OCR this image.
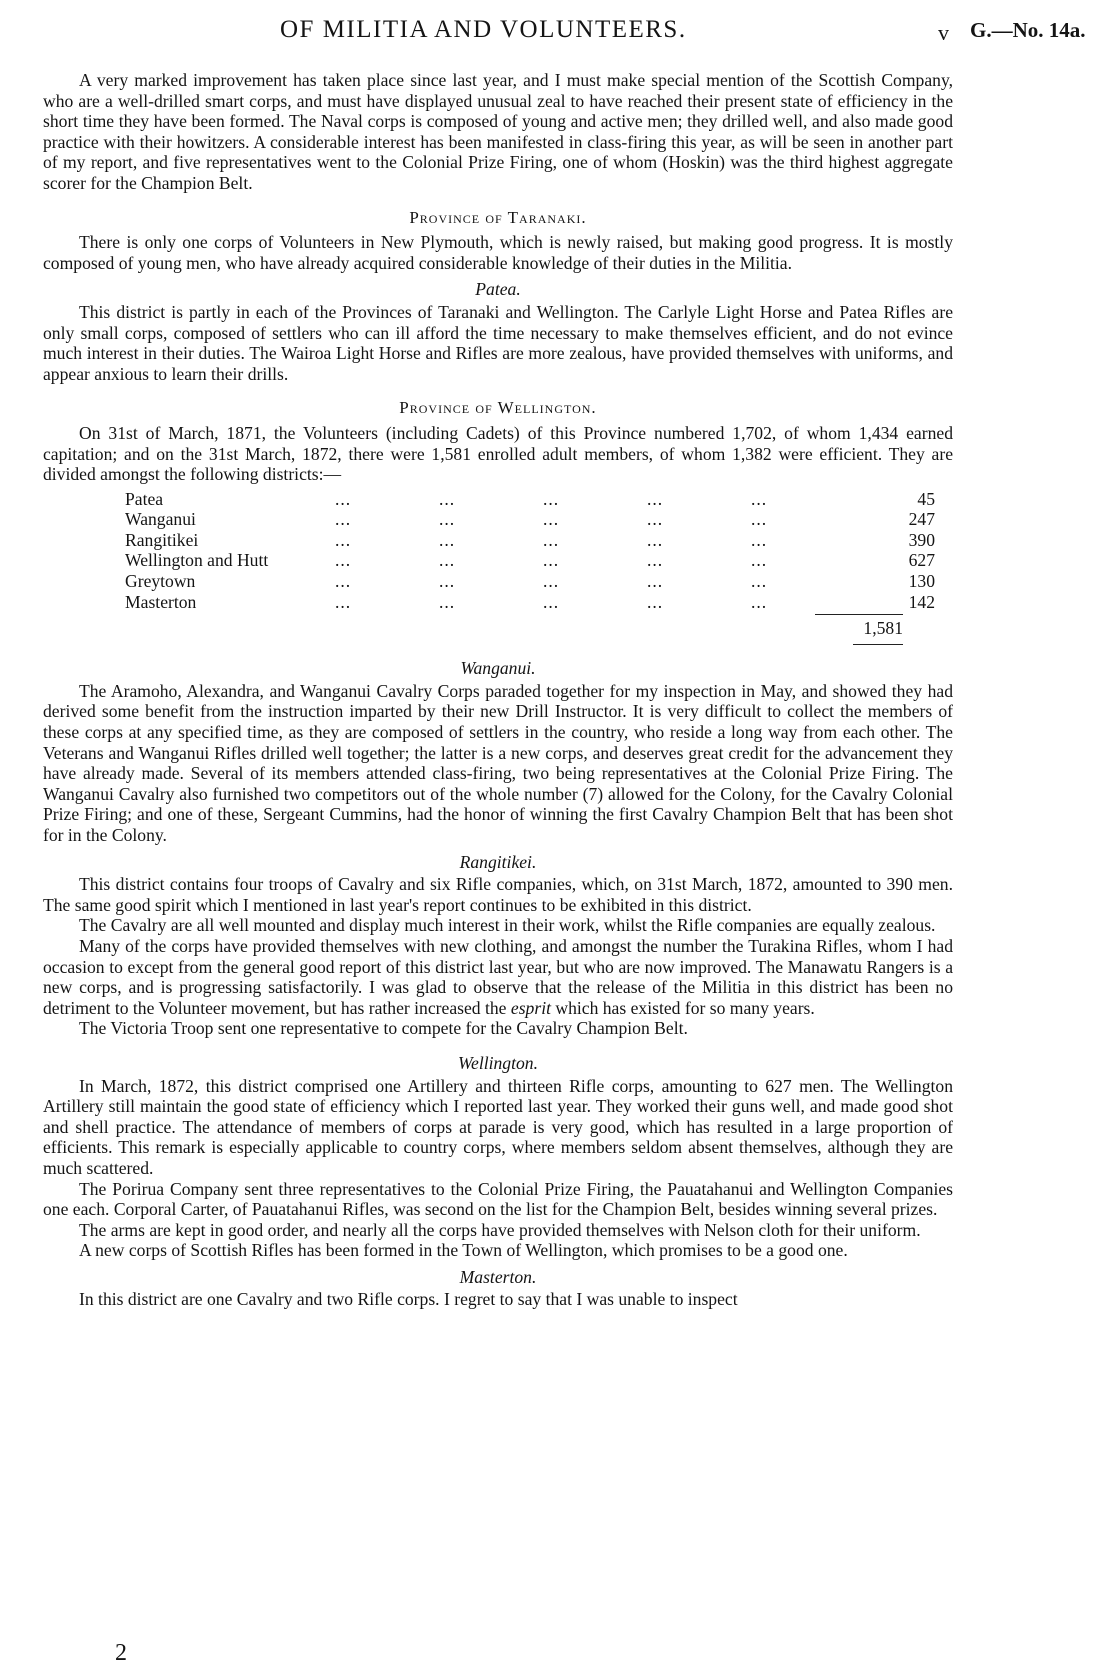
OF MILITIA AND VOLUNTEERS.	v G.—No. 14a.

A very marked improvement has taken place since last year, and I must make special mention of the Scottish Company, who are a well-drilled smart corps, and must have displayed unusual zeal to have reached their present state of efficiency in the short time they have been formed. The Naval corps is composed of young and active men; they drilled well, and also made good practice with their howitzers. A considerable interest has been manifested in class-firing this year, as will be seen in another part of my report, and five representatives went to the Colonial Prize Firing, one of whom (Hoskin) was the third highest aggregate scorer for the Champion Belt.

Province of Taranaki.

There is only one corps of Volunteers in New Plymouth, which is newly raised, but making good progress. It is mostly composed of young men, who have already acquired considerable knowledge of their duties in the Militia.

Patea.

This district is partly in each of the Provinces of Taranaki and Wellington. The Carlyle Light Horse and Patea Rifles are only small corps, composed of settlers who can ill afford the time necessary to make themselves efficient, and do not evince much interest in their duties. The Wairoa Light Horse and Rifles are more zealous, have provided themselves with uniforms, and appear anxious to learn their drills.

Province of Wellington.

On 31st of March, 1871, the Volunteers (including Cadets) of this Province numbered 1,702, of whom 1,434 earned capitation; and on the 31st March, 1872, there were 1,581 enrolled adult members, of whom 1,382 were efficient. They are divided amongst the following districts:—

Patea	...	...	...	...	...	45
Wanganui	...	...	...	...	...	247
Rangitikei	...	...	...	...	...	390
Wellington and Hutt	...	...	...	...	...	627
Greytown	...	...	...	...	...	130
Masterton	...	...	...	...	...	142
1,581
Wanganui.

The Aramoho, Alexandra, and Wanganui Cavalry Corps paraded together for my inspection in May, and showed they had derived some benefit from the instruction imparted by their new Drill Instructor. It is very difficult to collect the members of these corps at any specified time, as they are composed of settlers in the country, who reside a long way from each other. The Veterans and Wanganui Rifles drilled well together; the latter is a new corps, and deserves great credit for the advancement they have already made. Several of its members attended class-firing, two being representatives at the Colonial Prize Firing. The Wanganui Cavalry also furnished two competitors out of the whole number (7) allowed for the Colony, for the Cavalry Colonial Prize Firing; and one of these, Sergeant Cummins, had the honor of winning the first Cavalry Champion Belt that has been shot for in the Colony.

Rangitikei.

This district contains four troops of Cavalry and six Rifle companies, which, on 31st March, 1872, amounted to 390 men. The same good spirit which I mentioned in last year's report continues to be exhibited in this district.

The Cavalry are all well mounted and display much interest in their work, whilst the Rifle companies are equally zealous.

Many of the corps have provided themselves with new clothing, and amongst the number the Turakina Rifles, whom I had occasion to except from the general good report of this district last year, but who are now improved. The Manawatu Rangers is a new corps, and is progressing satisfactorily. I was glad to observe that the release of the Militia in this district has been no detriment to the Volunteer movement, but has rather increased the esprit which has existed for so many years.

The Victoria Troop sent one representative to compete for the Cavalry Champion Belt.

Wellington.

In March, 1872, this district comprised one Artillery and thirteen Rifle corps, amounting to 627 men. The Wellington Artillery still maintain the good state of efficiency which I reported last year. They worked their guns well, and made good shot and shell practice. The attendance of members of corps at parade is very good, which has resulted in a large proportion of efficients. This remark is especially applicable to country corps, where members seldom absent themselves, although they are much scattered.

The Porirua Company sent three representatives to the Colonial Prize Firing, the Pauatahanui and Wellington Companies one each. Corporal Carter, of Pauatahanui Rifles, was second on the list for the Champion Belt, besides winning several prizes.

The arms are kept in good order, and nearly all the corps have provided themselves with Nelson cloth for their uniform.

A new corps of Scottish Rifles has been formed in the Town of Wellington, which promises to be a good one.

Masterton.

In this district are one Cavalry and two Rifle corps. I regret to say that I was unable to inspect

2
